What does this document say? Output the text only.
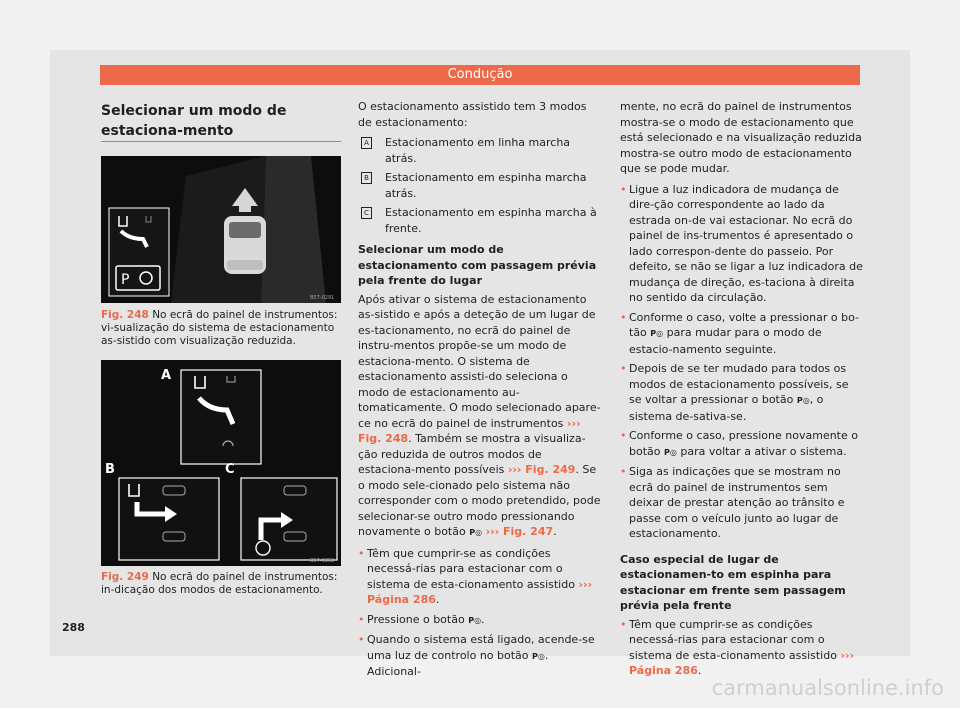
Condução
Selecionar um modo de estaciona-mento
P
B57-0291
Fig. 248 No ecrã do painel de instrumentos: vi-sualização do sistema de estacionamento as-sistido com visualização reduzida.
A
B	C
B57-0352
Fig. 249 No ecrã do painel de instrumentos: in-dicação dos modos de estacionamento.

O estacionamento assistido tem 3 modos de estacionamento:

A Estacionamento em linha marcha atrás.
B Estacionamento em espinha marcha atrás.
C Estacionamento em espinha marcha à frente.
Selecionar um modo de estacionamento com passagem prévia pela frente do lugar

Após ativar o sistema de estacionamento as-sistido e após a deteção de um lugar de es-tacionamento, no ecrã do painel de instru-mentos propõe-se um modo de estaciona-mento. O sistema de estacionamento assisti-do seleciona o modo de estacionamento au-tomaticamente. O modo selecionado apare-ce no ecrã do painel de instrumentos ››› Fig. 248. Também se mostra a visualiza-ção reduzida de outros modos de estaciona-mento possíveis ››› Fig. 249. Se o modo sele-cionado pelo sistema não corresponder com o modo pretendido, pode selecionar-se outro modo pressionando novamente o botão P◎ ››› Fig. 247.

• Têm que cumprir-se as condições necessá-rias para estacionar com o sistema de esta-cionamento assistido ››› Página 286.
• Pressione o botão P◎.
• Quando o sistema está ligado, acende-se uma luz de controlo no botão P◎. Adicional-

mente, no ecrã do painel de instrumentos mostra-se o modo de estacionamento que está selecionado e na visualização reduzida mostra-se outro modo de estacionamento que se pode mudar.

• Ligue a luz indicadora de mudança de dire-ção correspondente ao lado da estrada on-de vai estacionar. No ecrã do painel de ins-trumentos é apresentado o lado correspon-dente do passeio. Por defeito, se não se ligar a luz indicadora de mudança de direção, es-taciona à direita no sentido da circulação.
• Conforme o caso, volte a pressionar o bo-tão P◎ para mudar para o modo de estacio-namento seguinte.
• Depois de se ter mudado para todos os modos de estacionamento possíveis, se se voltar a pressionar o botão P◎, o sistema de-sativa-se.
• Conforme o caso, pressione novamente o botão P◎ para voltar a ativar o sistema.
• Siga as indicações que se mostram no ecrã do painel de instrumentos sem deixar de prestar atenção ao trânsito e passe com o veículo junto ao lugar de estacionamento.
Caso especial de lugar de estacionamen-to em espinha para estacionar em frente sem passagem prévia pela frente
• Têm que cumprir-se as condições necessá-rias para estacionar com o sistema de esta-cionamento assistido ››› Página 286.
288
carmanualsonline.info
